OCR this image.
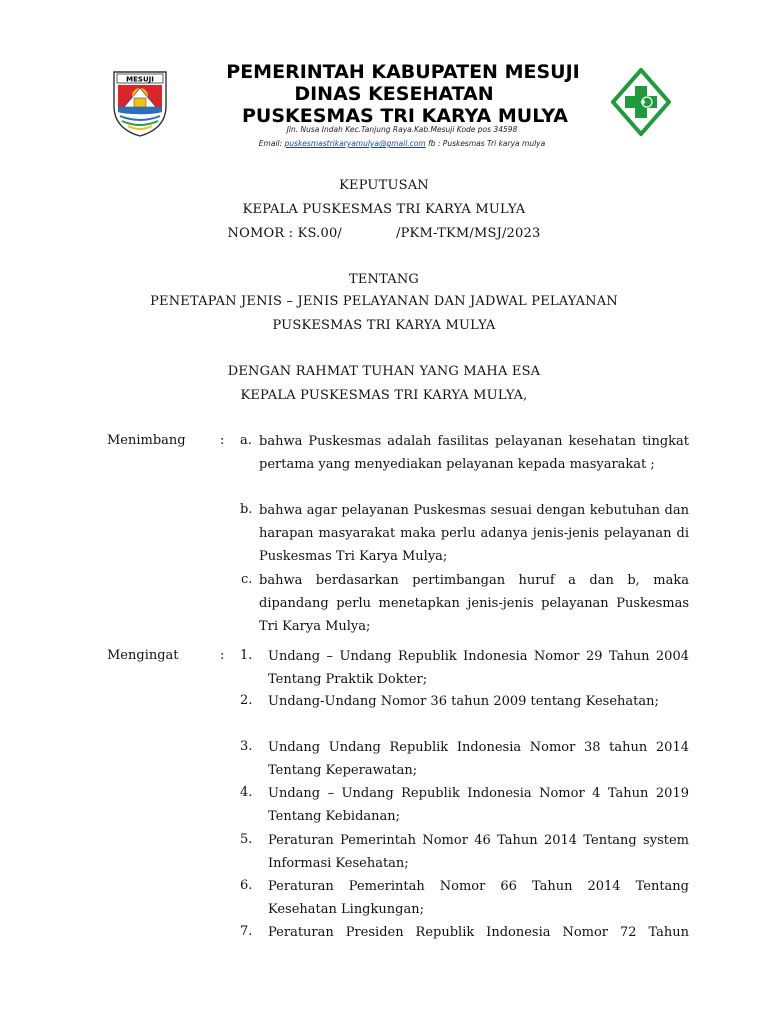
MESUJI	PEMERINTAH KABUPATEN MESUJI
DINAS KESEHATAN
PUSKESMAS TRI KARYA MULYA
Jln. Nusa Indah Kec.Tanjung Raya.Kab.Mesuji Kode pos 34598
Email: puskesmastrikaryamulya@gmail.com fb : Puskesmas Tri karya mulya
KEPUTUSAN
KEPALA PUSKESMAS TRI KARYA MULYA
NOMOR : KS.00/	/PKM-TKM/MSJ/2023
TENTANG
PENETAPAN JENIS – JENIS PELAYANAN DAN JADWAL PELAYANAN
PUSKESMAS TRI KARYA MULYA
DENGAN RAHMAT TUHAN YANG MAHA ESA
KEPALA PUSKESMAS TRI KARYA MULYA,
Menimbang	: a. bahwa Puskesmas adalah fasilitas pelayanan kesehatan tingkat pertama yang menyediakan pelayanan kepada masyarakat ;
b. bahwa agar pelayanan Puskesmas sesuai dengan kebutuhan dan harapan masyarakat maka perlu adanya jenis-jenis pelayanan di Puskesmas Tri Karya Mulya;
c. bahwa berdasarkan pertimbangan huruf a dan b, maka dipandang perlu menetapkan jenis-jenis pelayanan Puskesmas Tri Karya Mulya;
Mengingat	: 1. Undang – Undang Republik Indonesia Nomor 29 Tahun 2004 Tentang Praktik Dokter;
2. Undang-Undang Nomor 36 tahun 2009 tentang Kesehatan;
3. Undang Undang Republik Indonesia Nomor 38 tahun 2014 Tentang Keperawatan;
4. Undang – Undang Republik Indonesia Nomor 4 Tahun 2019 Tentang Kebidanan;
5. Peraturan Pemerintah Nomor 46 Tahun 2014 Tentang system Informasi Kesehatan;
6. Peraturan Pemerintah Nomor 66 Tahun 2014 Tentang Kesehatan Lingkungan;
7. Peraturan Presiden Republik Indonesia Nomor 72 Tahun
